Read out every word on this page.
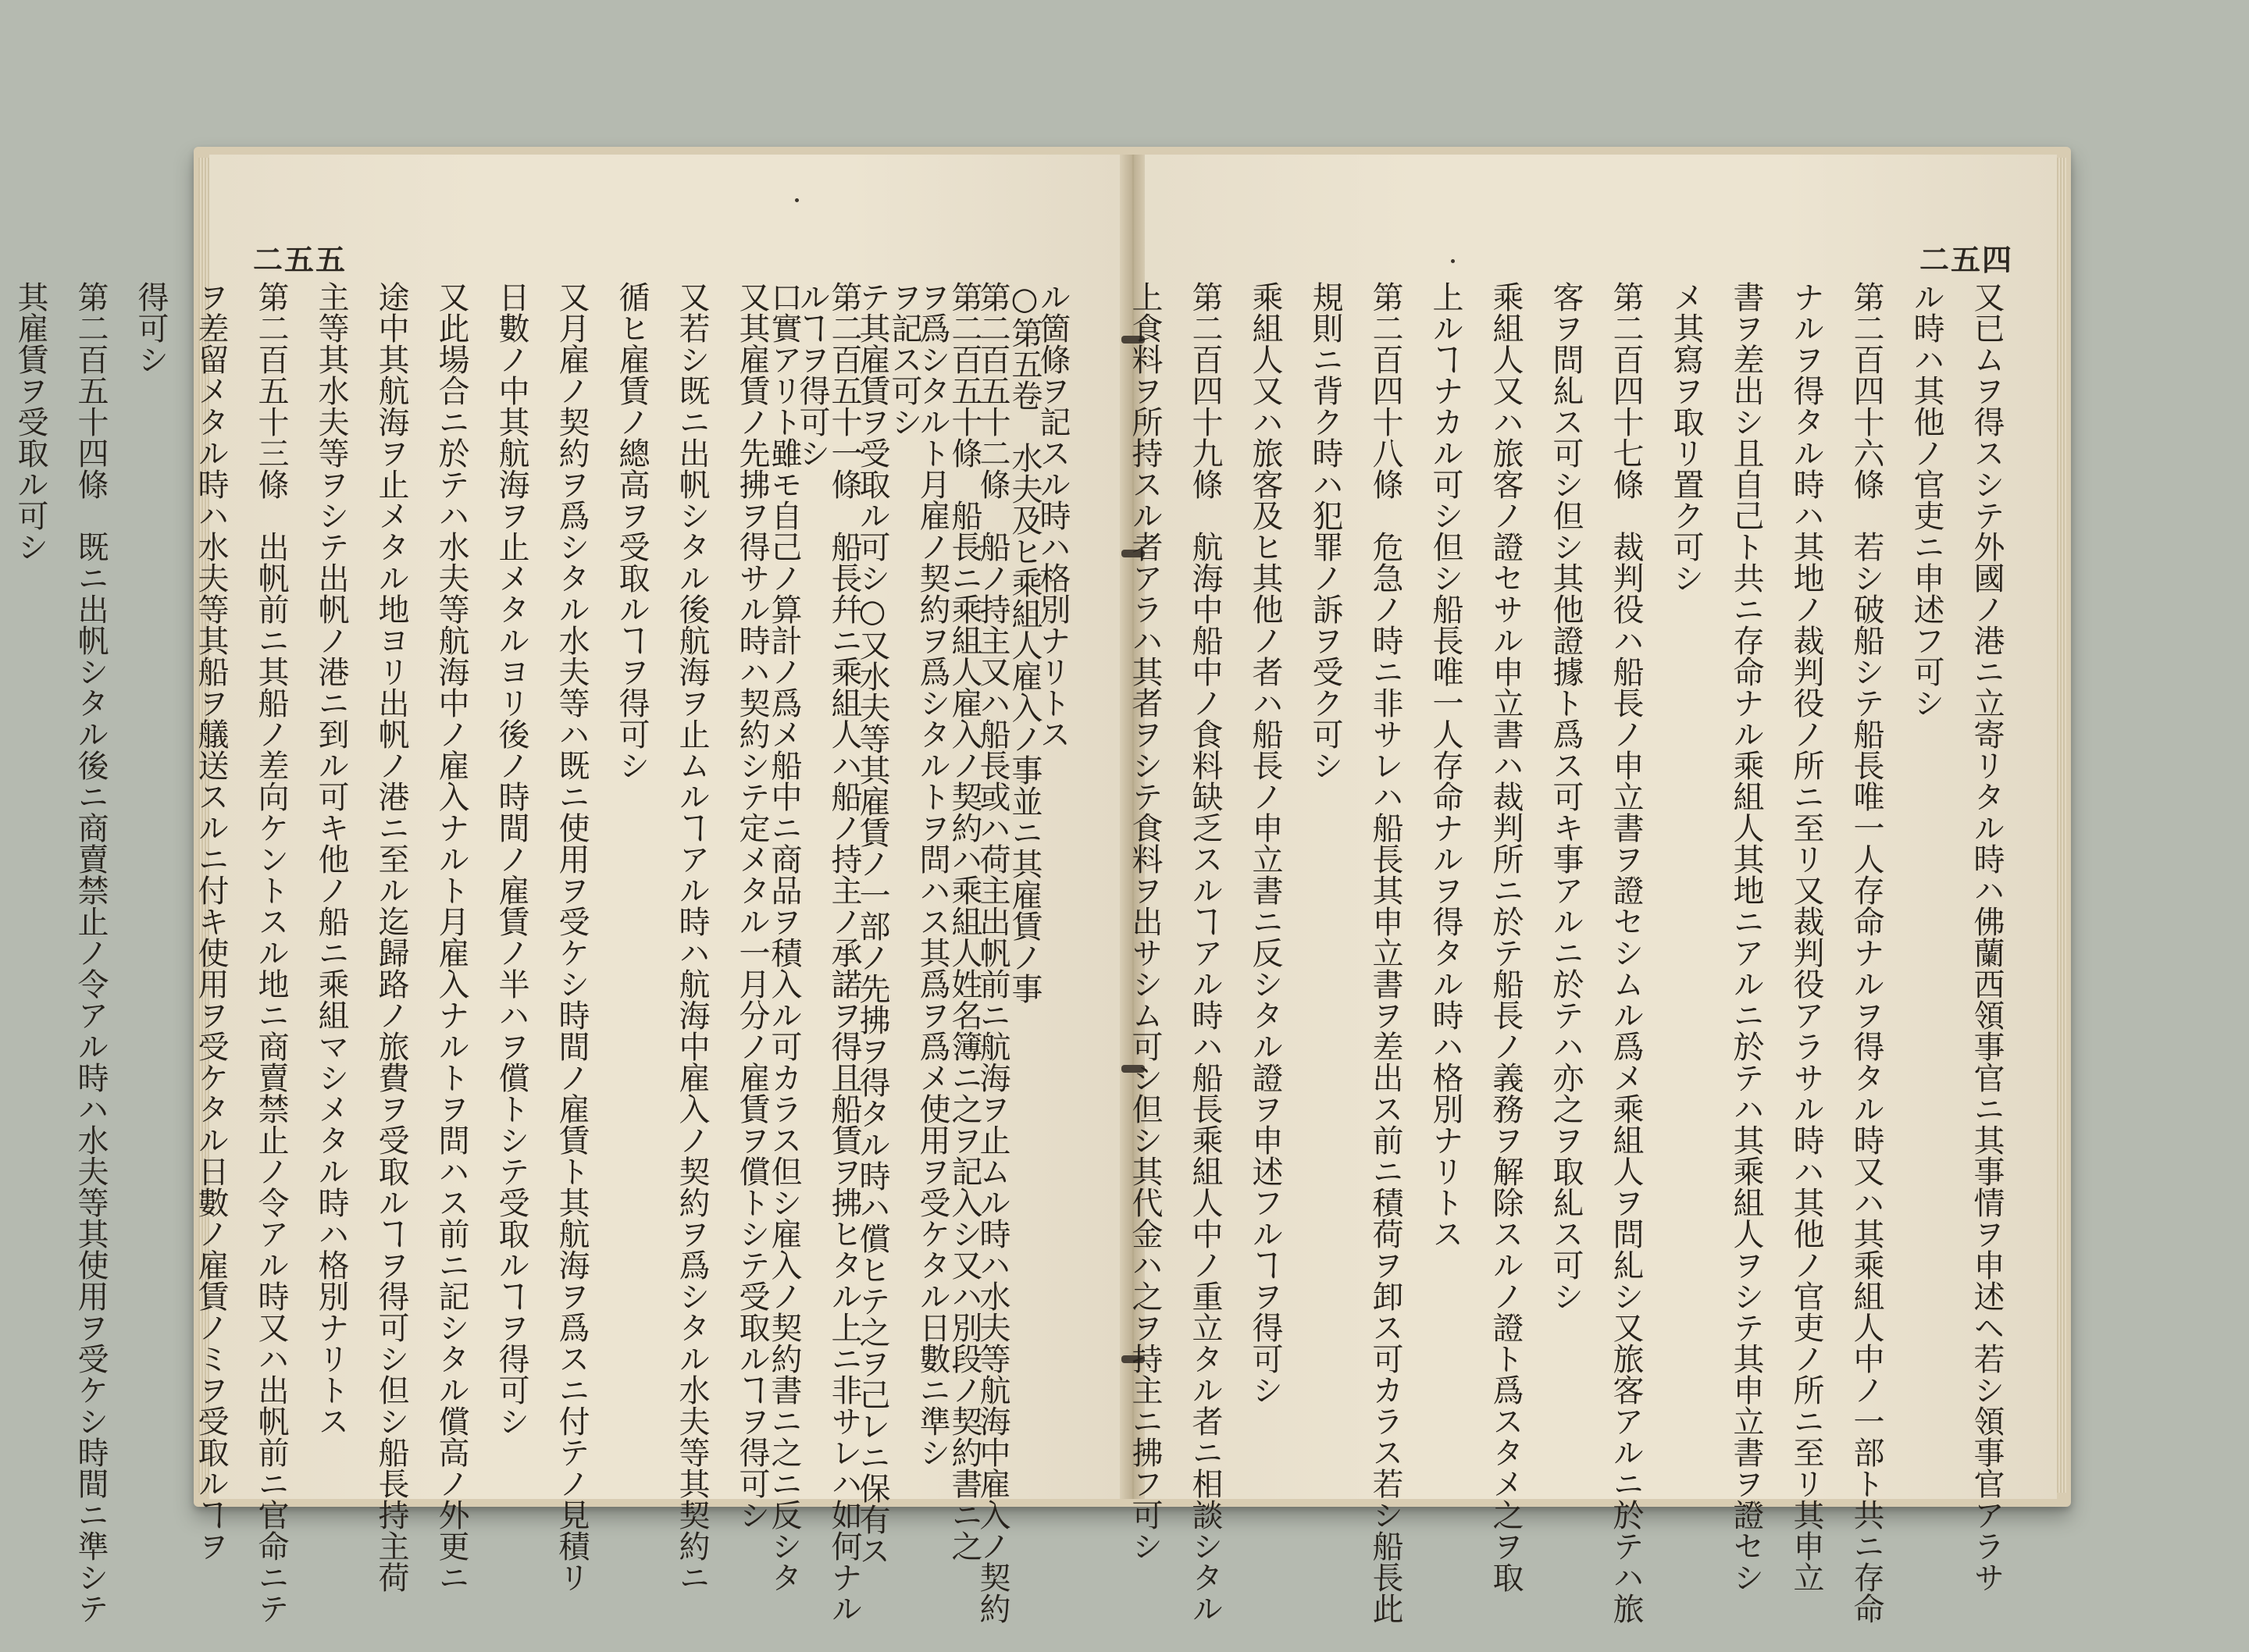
二五五
ル箇條ヲ記スル時ハ格別ナリトス
第二百五十二條　船ノ持主又ハ船長或ハ荷主出帆前ニ航海ヲ止ムル時ハ水夫等航海中雇入ノ契約
ヲ爲シタルト月雇ノ契約ヲ爲シタルトヲ問ハス其爲ヲ爲メ使用ヲ受ケタル日數ニ準シ
テ其雇賃ヲ受取ル可シ○又水夫等其雇賃ノ一部ノ先拂ヲ得タル時ハ償ヒテ之ヲ己レニ保有ス
ルヿヲ得可シ
又其雇賃ノ先拂ヲ得サル時ハ契約シテ定メタル一月分ノ雇賃ヲ償トシテ受取ルヿヲ得可シ
又若シ既ニ出帆シタル後航海ヲ止ムルヿアル時ハ航海中雇入ノ契約ヲ爲シタル水夫等其契約ニ
循ヒ雇賃ノ總高ヲ受取ルヿヲ得可シ
又月雇ノ契約ヲ爲シタル水夫等ハ既ニ使用ヲ受ケシ時間ノ雇賃ト其航海ヲ爲スニ付テノ見積リ
日數ノ中其航海ヲ止メタルヨリ後ノ時間ノ雇賃ノ半ハヲ償トシテ受取ルヿヲ得可シ
又此場合ニ於テハ水夫等航海中ノ雇入ナルト月雇入ナルトヲ問ハス前ニ記シタル償高ノ外更ニ
途中其航海ヲ止メタル地ヨリ出帆ノ港ニ至ル迄歸路ノ旅費ヲ受取ルヿヲ得可シ但シ船長持主荷
主等其水夫等ヲシテ出帆ノ港ニ到ル可キ他ノ船ニ乘組マシメタル時ハ格別ナリトス
第二百五十三條　出帆前ニ其船ノ差向ケントスル地ニ商賣禁止ノ令アル時又ハ出帆前ニ官命ニテ
ヲ差留メタル時ハ水夫等其船ヲ艤送スルニ付キ使用ヲ受ケタル日數ノ雇賃ノミヲ受取ルヿヲ
得可シ
第二百五十四條　既ニ出帆シタル後ニ商賣禁止ノ令アル時ハ水夫等其使用ヲ受ケシ時間ニ準シテ
其雇賃ヲ受取ル可シ
二五四
又已ムヲ得スシテ外國ノ港ニ立寄リタル時ハ佛蘭西領事官ニ其事情ヲ申述ヘ若シ領事官アラサ
ル時ハ其他ノ官吏ニ申述フ可シ
第二百四十六條　若シ破船シテ船長唯一人存命ナルヲ得タル時又ハ其乘組人中ノ一部ト共ニ存命
ナルヲ得タル時ハ其地ノ裁判役ノ所ニ至リ又裁判役アラサル時ハ其他ノ官吏ノ所ニ至リ其申立
書ヲ差出シ且自己ト共ニ存命ナル乘組人其地ニアルニ於テハ其乘組人ヲシテ其申立書ヲ證セシ
メ其寫ヲ取リ置ク可シ
第二百四十七條　裁判役ハ船長ノ申立書ヲ證セシムル爲メ乘組人ヲ問糺シ又旅客アルニ於テハ旅
客ヲ問糺ス可シ但シ其他證據ト爲ス可キ事アルニ於テハ亦之ヲ取糺ス可シ
乘組人又ハ旅客ノ證セサル申立書ハ裁判所ニ於テ船長ノ義務ヲ解除スルノ證ト爲スタメ之ヲ取
上ルヿナカル可シ但シ船長唯一人存命ナルヲ得タル時ハ格別ナリトス
第二百四十八條　危急ノ時ニ非サレハ船長其申立書ヲ差出ス前ニ積荷ヲ卸ス可カラス若シ船長此
規則ニ背ク時ハ犯罪ノ訴ヲ受ク可シ
乘組人又ハ旅客及ヒ其他ノ者ハ船長ノ申立書ニ反シタル證ヲ申述フルヿヲ得可シ
第二百四十九條　航海中船中ノ食料缺乏スルヿアル時ハ船長乘組人中ノ重立タル者ニ相談シタル
上食料ヲ所持スル者アラハ其者ヲシテ食料ヲ出サシム可シ但シ其代金ハ之ヲ持主ニ拂フ可シ

○第五卷　水夫及ヒ乘組人雇入ノ事並ニ其雇賃ノ事
第二百五十條　船長ニ乘組人雇入ノ契約ハ乘組人姓名簿ニ之ヲ記入シ又ハ別段ノ契約書ニ之
ヲ記ス可シ
第二百五十一條　船長幷ニ乘組人ハ船ノ持主ノ承諾ヲ得且船賃ヲ拂ヒタル上ニ非サレハ如何ナル
口實アリト雖モ自己ノ算計ノ爲メ船中ニ商品ヲ積入ル可カラス但シ雇入ノ契約書ニ之ニ反シタ
